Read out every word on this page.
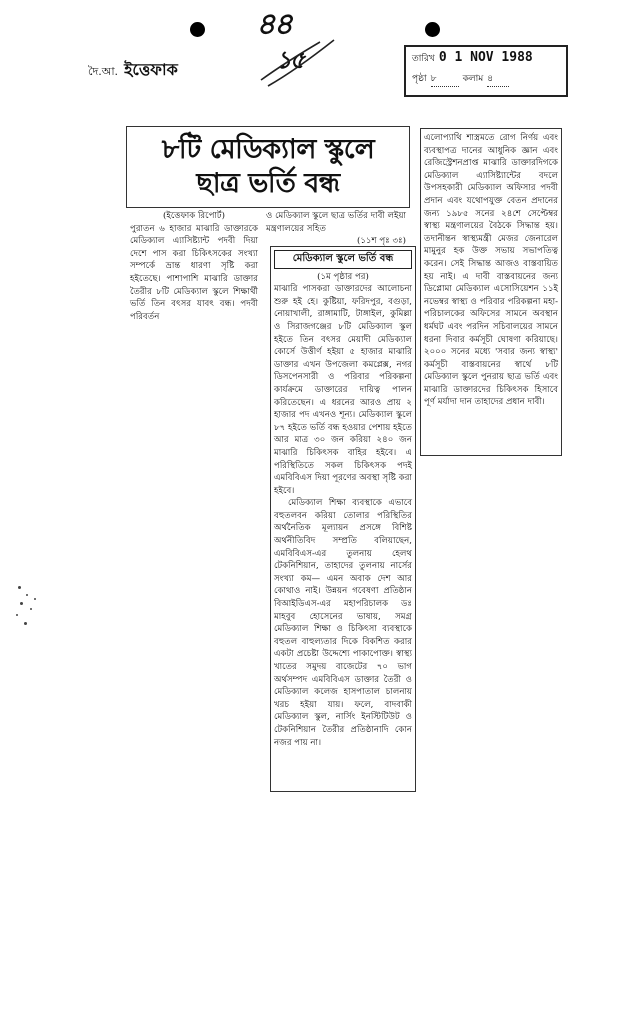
৪৪
১৫
দৈ.আ. ইত্তেফাক
তারিখ 0 1 NOV 1988
পৃষ্ঠা ৮	কলাম ৪
৮টি মেডিক্যাল স্কুলে
ছাত্র ভর্তি বন্ধ

(ইত্তেফাক রিপোর্ট)

পুরাতন ৬ হাজার মাঝারি ডাক্তারকে মেডিক্যাল এ্যাসিষ্ট্যান্ট পদবী দিয়া দেশে পাস করা চিকিৎসকের সংখ্যা সম্পর্কে ভ্রান্ত ধারণা সৃষ্টি করা হইতেছে। পাশাপাশি মাঝারি ডাক্তার তৈরীর ৮টি মেডিক্যাল স্কুলে শিক্ষার্থী ভর্তি তিন বৎসর যাবৎ বন্ধ। পদবী পরিবর্তন

ও মেডিক্যাল স্কুলে ছাত্র ভর্তির দাবী লইয়া মন্ত্রণালয়ের সহিত

(১১শ পৃঃ ৩ঃ)

মেডিক্যাল স্কুলে ভর্তি বন্ধ

(১ম পৃষ্ঠার পর)

মাঝারি পাসকরা ডাক্তারদের আলোচনা শুরু হই হে। কুষ্টিয়া, ফরিদপুর, বগুড়া, নোয়াখালী, রাঙ্গামাটি, টাঙ্গাইল, কুমিল্লা ও সিরাজগঞ্জের ৮টি মেডিক্যাল স্কুল হইতে তিন বৎসর মেয়াদী মেডিক্যাল কোর্সে উত্তীর্ণ হইয়া ৫ হাজার মাঝারি ডাক্তার এখন উপজেলা কমপ্লেক্স, নগর ডিসপেনসারী ও পরিবার পরিকল্পনা কার্যক্রমে ডাক্তারের দায়িত্ব পালন করিতেছেন। এ ধরনের আরও প্রায় ২ হাজার পদ এখনও শূন্য। মেডিক্যাল স্কুলে ৮৭ হইতে ভর্তি বন্ধ হওয়ার পেশায় হইতে আর মাত্র ৩০ জন করিয়া ২৪০ জন মাঝারি চিকিৎসক বাহির হইবে। এ পরিস্থিতিতে সকল চিকিৎসক পদই এমবিবিএস দিয়া পূরণের অবস্থা সৃষ্টি করা হইবে।

মেডিক্যাল শিক্ষা ব্যবস্থাকে এভাবে বহুতলবন করিয়া তোলার পরিস্থিতির অর্থনৈতিক মূল্যায়ন প্রসঙ্গে বিশিষ্ট অর্থনীতিবিদ সম্প্রতি বলিয়াছেন, এমবিবিএস-এর তুলনায় হেলথ টেকনিশিয়ান, তাহাদের তুলনায় নার্সের সংখ্যা কম— এমন অবাক দেশ আর কোথাও নাই। উন্নয়ন গবেষণা প্রতিষ্ঠান বিআইডিএস-এর মহাপরিচালক ডঃ মাহবুব হোসেনের ভাষায়, সমগ্র মেডিক্যাল শিক্ষা ও চিকিৎসা ব্যবস্থাকে বহুতল বাহুল্যতার দিকে বিকশিত করার একটা প্রচেষ্টা উদ্দেশ্যে পাকাপোক্ত। স্বাস্থ্য খাতের সমুদয় বাজেটের ৭০ ভাগ অর্থসম্পদ এমবিবিএস ডাক্তার তৈরী ও মেডিক্যাল কলেজ হাসপাতাল চালনায় খরচ হইয়া যায়। ফলে, বাদবাকী মেডিক্যাল স্কুল, নার্সিং ইনস্টিটিউট ও টেকনিশিয়ান তৈরীর প্রতিষ্ঠানাদি কোন নজর পায় না।

এলোপ্যাথি শাস্ত্রমতে রোগ নির্ণয় এবং ব্যবস্থাপত্র দানের আধুনিক জ্ঞান এবং রেজিস্ট্রেশনপ্রাপ্ত মাঝারি ডাক্তারদিগকে মেডিক্যাল এ্যাসিষ্ট্যান্টের বদলে উপসহকারী মেডিক্যাল অফিসার পদবী প্রদান এবং যথোপযুক্ত বেতন প্রদানের জন্য ১৯৮৫ সনের ২৪শে সেপ্টেম্বর স্বাস্থ্য মন্ত্রণালয়ের বৈঠকে সিদ্ধান্ত হয়। তদানীন্তন স্বাস্থ্যমন্ত্রী মেজর জেনারেল মামুনুর হক উক্ত সভায় সভাপতিত্ব করেন। সেই সিদ্ধান্ত আজও বাস্তবায়িত হয় নাই। এ দাবী বাস্তবায়নের জন্য ডিপ্লোমা মেডিক্যাল এসোসিয়েশন ১১ই নভেম্বর স্বাস্থ্য ও পরিবার পরিকল্পনা মহা-পরিচালকের অফিসের সামনে অবস্থান ধর্মঘট এবং পরদিন সচিবালয়ের সামনে ধরনা দিবার কর্মসূচী ঘোষণা করিয়াছে। ২০০০ সনের মধ্যে 'সবার জন্য স্বাস্থ্য' কর্মসূচী বাস্তবায়নের স্বার্থে ৮টি মেডিক্যাল স্কুলে পুনরায় ছাত্র ভর্তি এবং মাঝারি ডাক্তারদের চিকিৎসক হিসাবে পূর্ণ মর্যাদা দান তাহাদের প্রধান দাবী।
